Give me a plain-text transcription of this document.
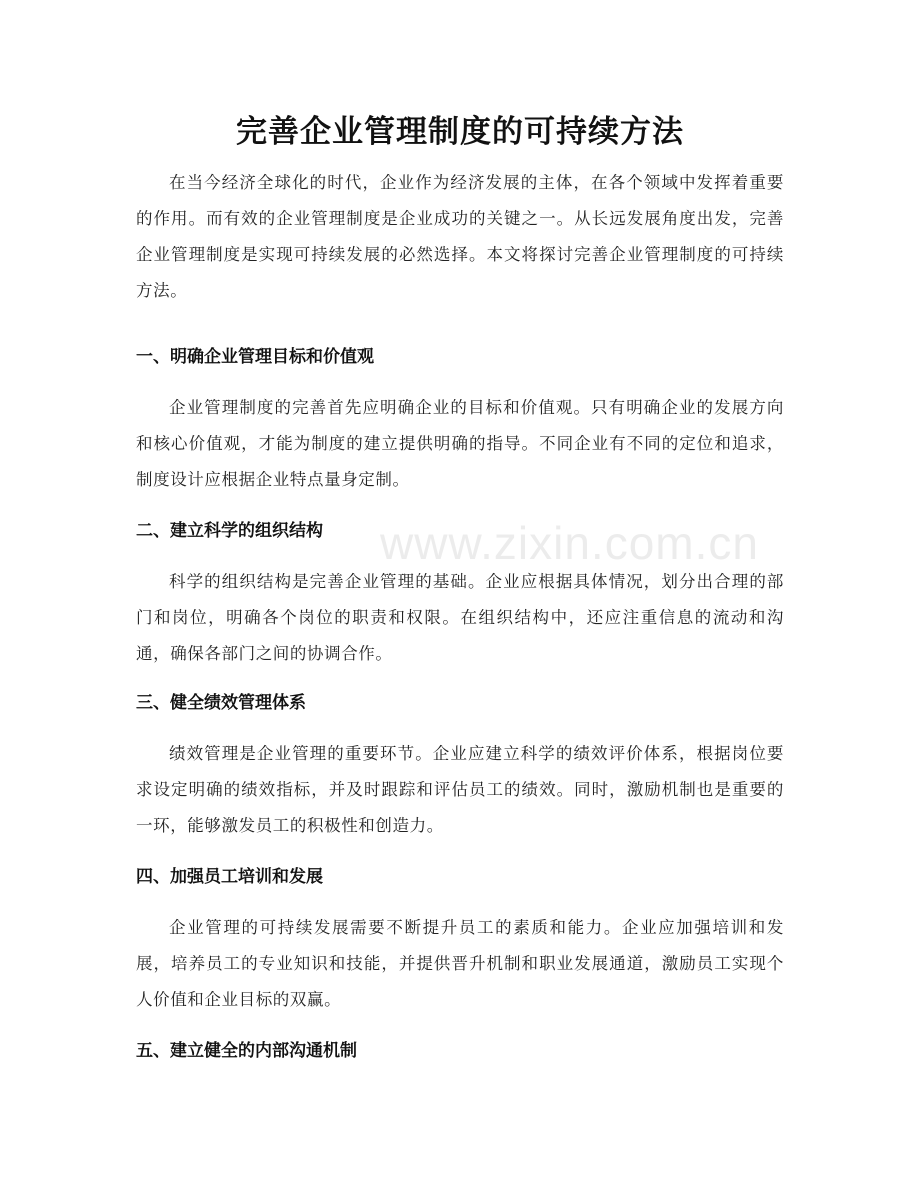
完善企业管理制度的可持续方法

在当今经济全球化的时代，企业作为经济发展的主体，在各个领域中发挥着重要的作用。而有效的企业管理制度是企业成功的关键之一。从长远发展角度出发，完善企业管理制度是实现可持续发展的必然选择。本文将探讨完善企业管理制度的可持续方法。

一、明确企业管理目标和价值观

企业管理制度的完善首先应明确企业的目标和价值观。只有明确企业的发展方向和核心价值观，才能为制度的建立提供明确的指导。不同企业有不同的定位和追求，制度设计应根据企业特点量身定制。

二、建立科学的组织结构

科学的组织结构是完善企业管理的基础。企业应根据具体情况，划分出合理的部门和岗位，明确各个岗位的职责和权限。在组织结构中，还应注重信息的流动和沟通，确保各部门之间的协调合作。

三、健全绩效管理体系

绩效管理是企业管理的重要环节。企业应建立科学的绩效评价体系，根据岗位要求设定明确的绩效指标，并及时跟踪和评估员工的绩效。同时，激励机制也是重要的一环，能够激发员工的积极性和创造力。

四、加强员工培训和发展

企业管理的可持续发展需要不断提升员工的素质和能力。企业应加强培训和发展，培养员工的专业知识和技能，并提供晋升机制和职业发展通道，激励员工实现个人价值和企业目标的双赢。

五、建立健全的内部沟通机制
www.zixin.com.cn
